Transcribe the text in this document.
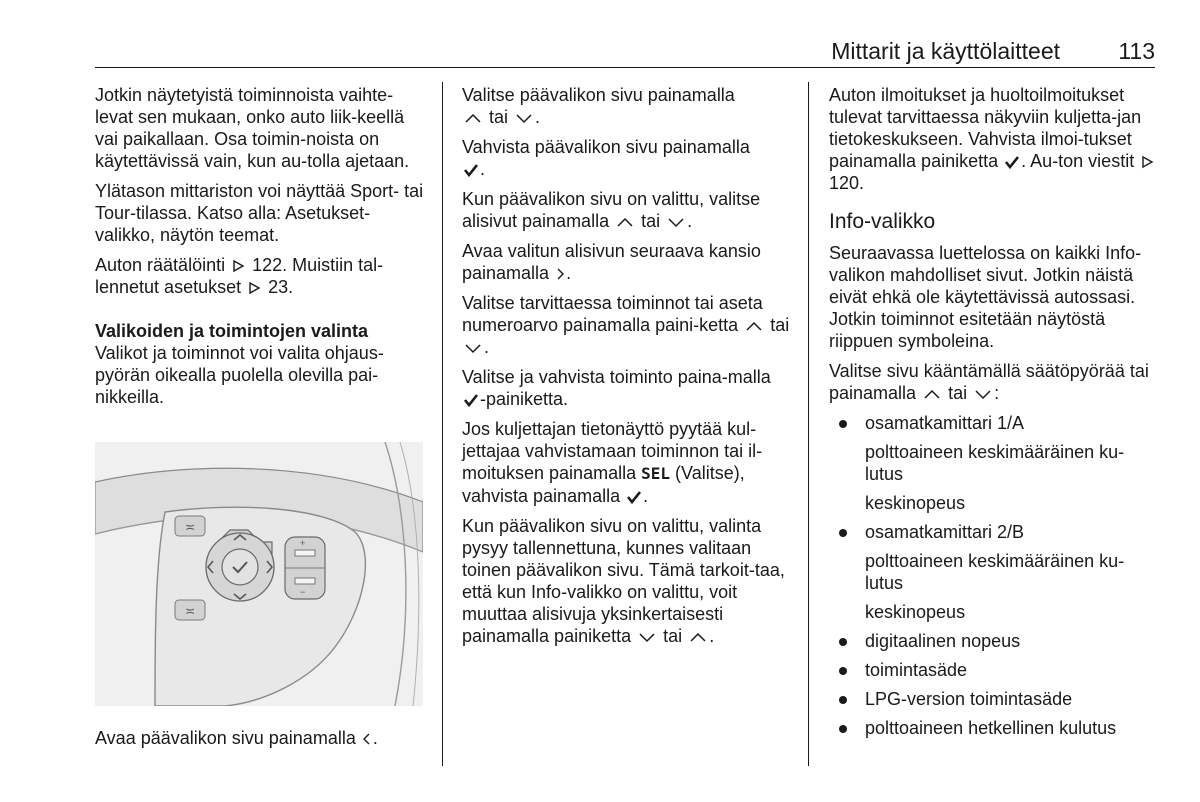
Mittarit ja käyttölaitteet	113

Jotkin näytetyistä toiminnoista vaihte-levat sen mukaan, onko auto liik-keellä vai paikallaan. Osa toimin-noista on käytettävissä vain, kun au-tolla ajetaan.

Ylätason mittariston voi näyttää Sport- tai Tour-tilassa. Katso alla: Asetukset-valikko, näytön teemat.

Auton räätälöinti 122. Muistiin tal-lennetut asetukset 23.

Valikoiden ja toimintojen valinta

Valikot ja toiminnot voi valita ohjaus-pyörän oikealla puolella olevilla pai-nikkeilla.

≍
≍
+
−
Avaa päävalikon sivu painamalla .

Valitse päävalikon sivu painamalla
tai .

Vahvista päävalikon sivu painamalla
.

Kun päävalikon sivu on valittu, valitse alisivut painamalla tai .

Avaa valitun alisivun seuraava kansio painamalla .

Valitse tarvittaessa toiminnot tai aseta numeroarvo painamalla paini-ketta tai .

Valitse ja vahvista toiminto paina-malla -painiketta.

Jos kuljettajan tietonäyttö pyytää kul-jettajaa vahvistamaan toiminnon tai il-moituksen painamalla SEL (Valitse), vahvista painamalla .

Kun päävalikon sivu on valittu, valinta pysyy tallennettuna, kunnes valitaan toinen päävalikon sivu. Tämä tarkoit-taa, että kun Info-valikko on valittu, voit muuttaa alisivuja yksinkertaisesti painamalla painiketta tai .

Auton ilmoitukset ja huoltoilmoitukset tulevat tarvittaessa näkyviin kuljetta-jan tietokeskukseen. Vahvista ilmoi-tukset painamalla painiketta . Au-ton viestit  120.

Info-valikko

Seuraavassa luettelossa on kaikki Info-valikon mahdolliset sivut. Jotkin näistä eivät ehkä ole käytettävissä autossasi. Jotkin toiminnot esitetään näytöstä riippuen symboleina.

Valitse sivu kääntämällä säätöpyörää tai painamalla tai :

osamatkamittari 1/A
polttoaineen keskimääräinen ku-lutus
keskinopeus
osamatkamittari 2/B
polttoaineen keskimääräinen ku-lutus
keskinopeus
digitaalinen nopeus
toimintasäde
LPG-version toimintasäde
polttoaineen hetkellinen kulutus
